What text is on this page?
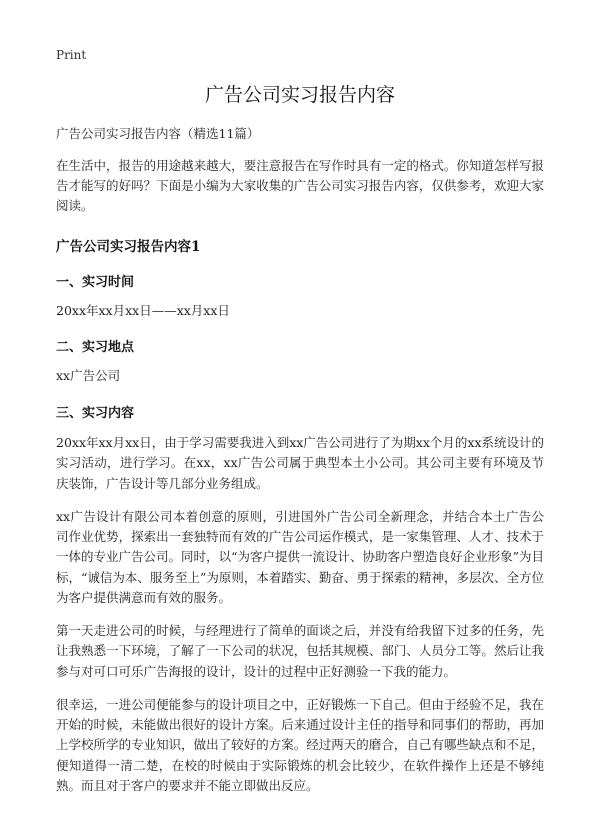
Print
广告公司实习报告内容
广告公司实习报告内容（精选11篇）

在生活中，报告的用途越来越大，要注意报告在写作时具有一定的格式。你知道怎样写报告才能写的好吗？下面是小编为大家收集的广告公司实习报告内容，仅供参考，欢迎大家阅读。

广告公司实习报告内容1
一、实习时间
20xx年xx月xx日——xx月xx日
二、实习地点
xx广告公司
三、实习内容

20xx年xx月xx日，由于学习需要我进入到xx广告公司进行了为期xx个月的xx系统设计的实习活动，进行学习。在xx，xx广告公司属于典型本土小公司。其公司主要有环境及节庆装饰，广告设计等几部分业务组成。

xx广告设计有限公司本着创意的原则，引进国外广告公司全新理念，并结合本土广告公司作业优势，探索出一套独特而有效的广告公司运作模式，是一家集管理、人才、技术于一体的专业广告公司。同时，以“为客户提供一流设计、协助客户塑造良好企业形象”为目标，“诚信为本、服务至上”为原则，本着踏实、勤奋、勇于探索的精神，多层次、全方位为客户提供满意而有效的服务。

第一天走进公司的时候，与经理进行了简单的面谈之后，并没有给我留下过多的任务，先让我熟悉一下环境，了解了一下公司的状况，包括其规模、部门、人员分工等。然后让我参与对可口可乐广告海报的设计，设计的过程中正好测验一下我的能力。

很幸运，一进公司便能参与的设计项目之中，正好锻炼一下自己。但由于经验不足，我在开始的时候，未能做出很好的设计方案。后来通过设计主任的指导和同事们的帮助，再加上学校所学的专业知识，做出了较好的方案。经过两天的磨合，自己有哪些缺点和不足，便知道得一清二楚，在校的时候由于实际锻炼的机会比较少，在软件操作上还是不够纯熟。而且对于客户的要求并不能立即做出反应。
